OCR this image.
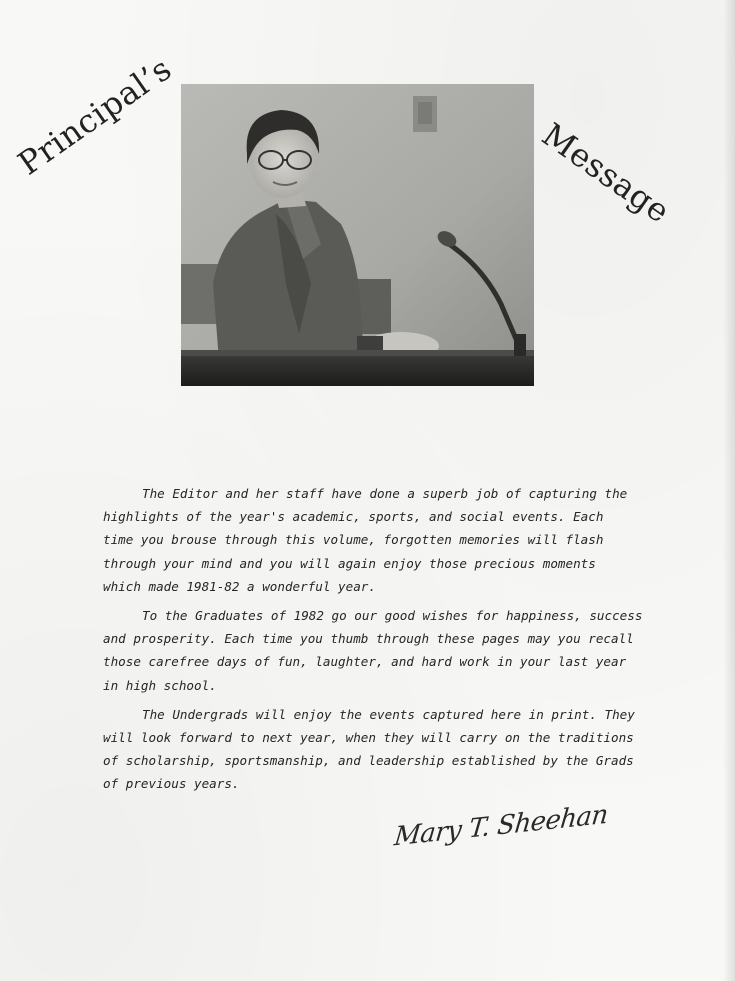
Principal’s	Message
The Editor and her staff have done a superb job of capturing the
highlights of the year's academic, sports, and social events. Each
time you brouse through this volume, forgotten memories will flash
through your mind and you will again enjoy those precious moments
which made 1981-82 a wonderful year.
To the Graduates of 1982 go our good wishes for happiness, success
and prosperity. Each time you thumb through these pages may you recall
those carefree days of fun, laughter, and hard work in your last year
in high school.
The Undergrads will enjoy the events captured here in print. They
will look forward to next year, when they will carry on the traditions
of scholarship, sportsmanship, and leadership established by the Grads
of previous years.
Mary T. Sheehan
